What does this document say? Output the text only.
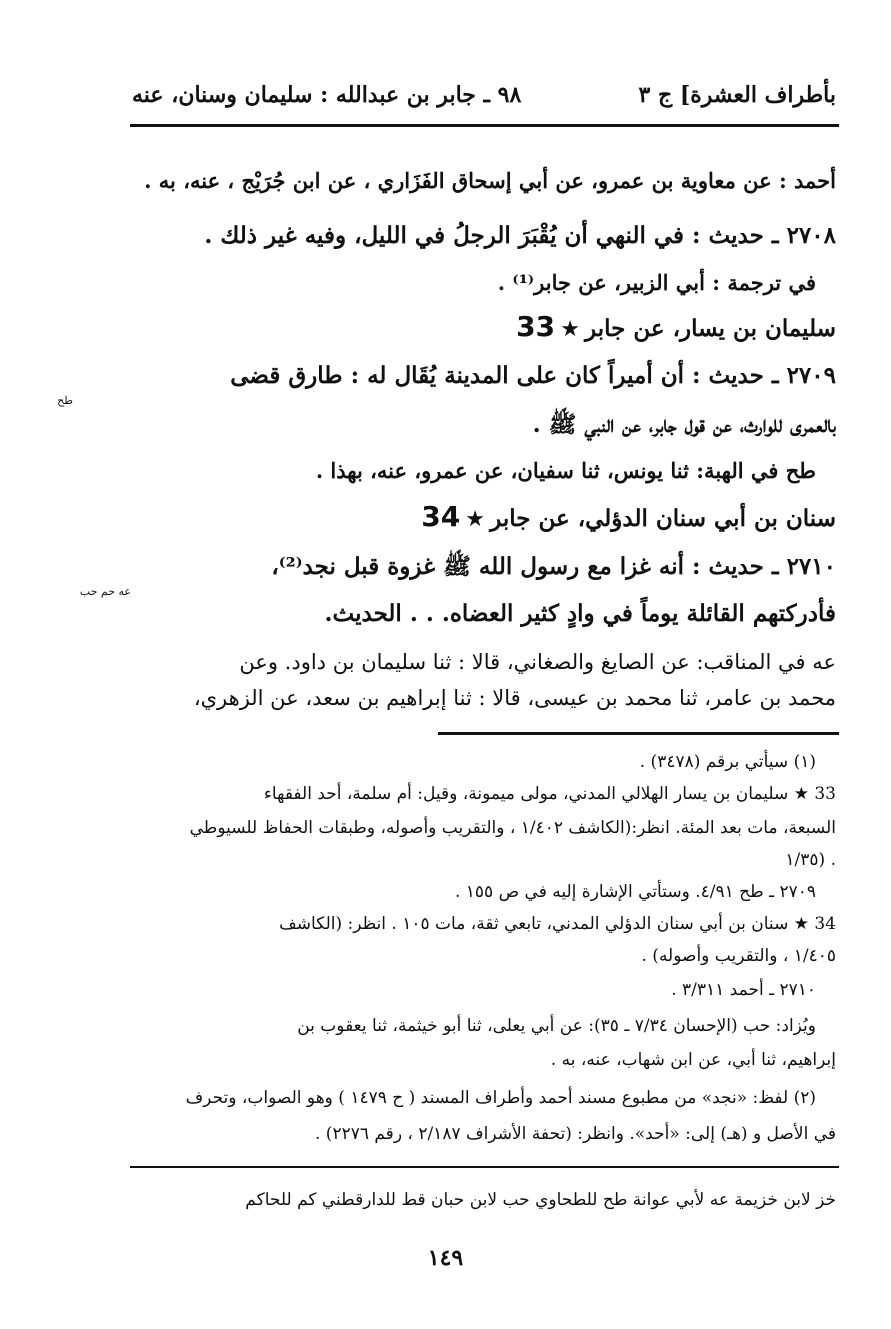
بأطراف العشرة] ج ٣
٩٨ ـ جابر بن عبدالله : سليمان وسنان، عنه
أحمد : عن معاوية بن عمرو، عن أبي إسحاق الفَزَاري ، عن ابن جُرَيْج ، عنه، به .
٢٧٠٨ ـ حديث : في النهي أن يُقْبَرَ الرجلُ في الليل، وفيه غير ذلك .
في ترجمة : أبي الزبير، عن جابر⁽¹⁾ .
سليمان بن يسار، عن جابر ★ 33
٢٧٠٩ ـ حديث : أن أميراً كان على المدينة يُقَال له : طارق قضى
طح
بالعمرى للوارث، عن قول جابر، عن النبي ﷺ .
طح في الهبة: ثنا يونس، ثنا سفيان، عن عمرو، عنه، بهذا .
سنان بن أبي سنان الدؤلي، عن جابر ★ 34
٢٧١٠ ـ حديث : أنه غزا مع رسول الله ﷺ غزوة قبل نجد⁽²⁾،
عه حم حب
فأدركتهم القائلة يوماً في وادٍ كثير العضاه. . . الحديث.
عه في المناقب: عن الصايغ والصغاني، قالا : ثنا سليمان بن داود. وعن
محمد بن عامر، ثنا محمد بن عيسى، قالا : ثنا إبراهيم بن سعد، عن الزهري،
(١) سيأتي برقم (٣٤٧٨) .
33 ★ سليمان بن يسار الهلالي المدني، مولى ميمونة، وقيل: أم سلمة، أحد الفقهاء
السبعة، مات بعد المئة. انظر:(الكاشف ١/٤٠٢ ، والتقريب وأصوله، وطبقات الحفاظ للسيوطي
١/٣٥) .
٢٧٠٩ ـ طح ٤/٩١. وستأتي الإشارة إليه في ص ١٥٥ .
34 ★ سنان بن أبي سنان الدؤلي المدني، تابعي ثقة، مات ١٠٥ . انظر: (الكاشف
١/٤٠٥ ، والتقريب وأصوله) .
٢٧١٠ ـ أحمد ٣/٣١١ .
ويُزاد: حب (الإحسان ٧/٣٤ ـ ٣٥): عن أبي يعلى، ثنا أبو خيثمة، ثنا يعقوب بن
إبراهيم، ثنا أبي، عن ابن شهاب، عنه، به .
(٢) لفظ: «نجد» من مطبوع مسند أحمد وأطراف المسند ( ح ١٤٧٩ ) وهو الصواب، وتحرف
في الأصل و (هـ) إلى: «أحد». وانظر: (تحفة الأشراف ٢/١٨٧ ، رقم ٢٢٧٦) .
خز لابن خزيمة عه لأبي عوانة طح للطحاوي حب لابن حبان قط للدارقطني كم للحاكم
١٤٩
